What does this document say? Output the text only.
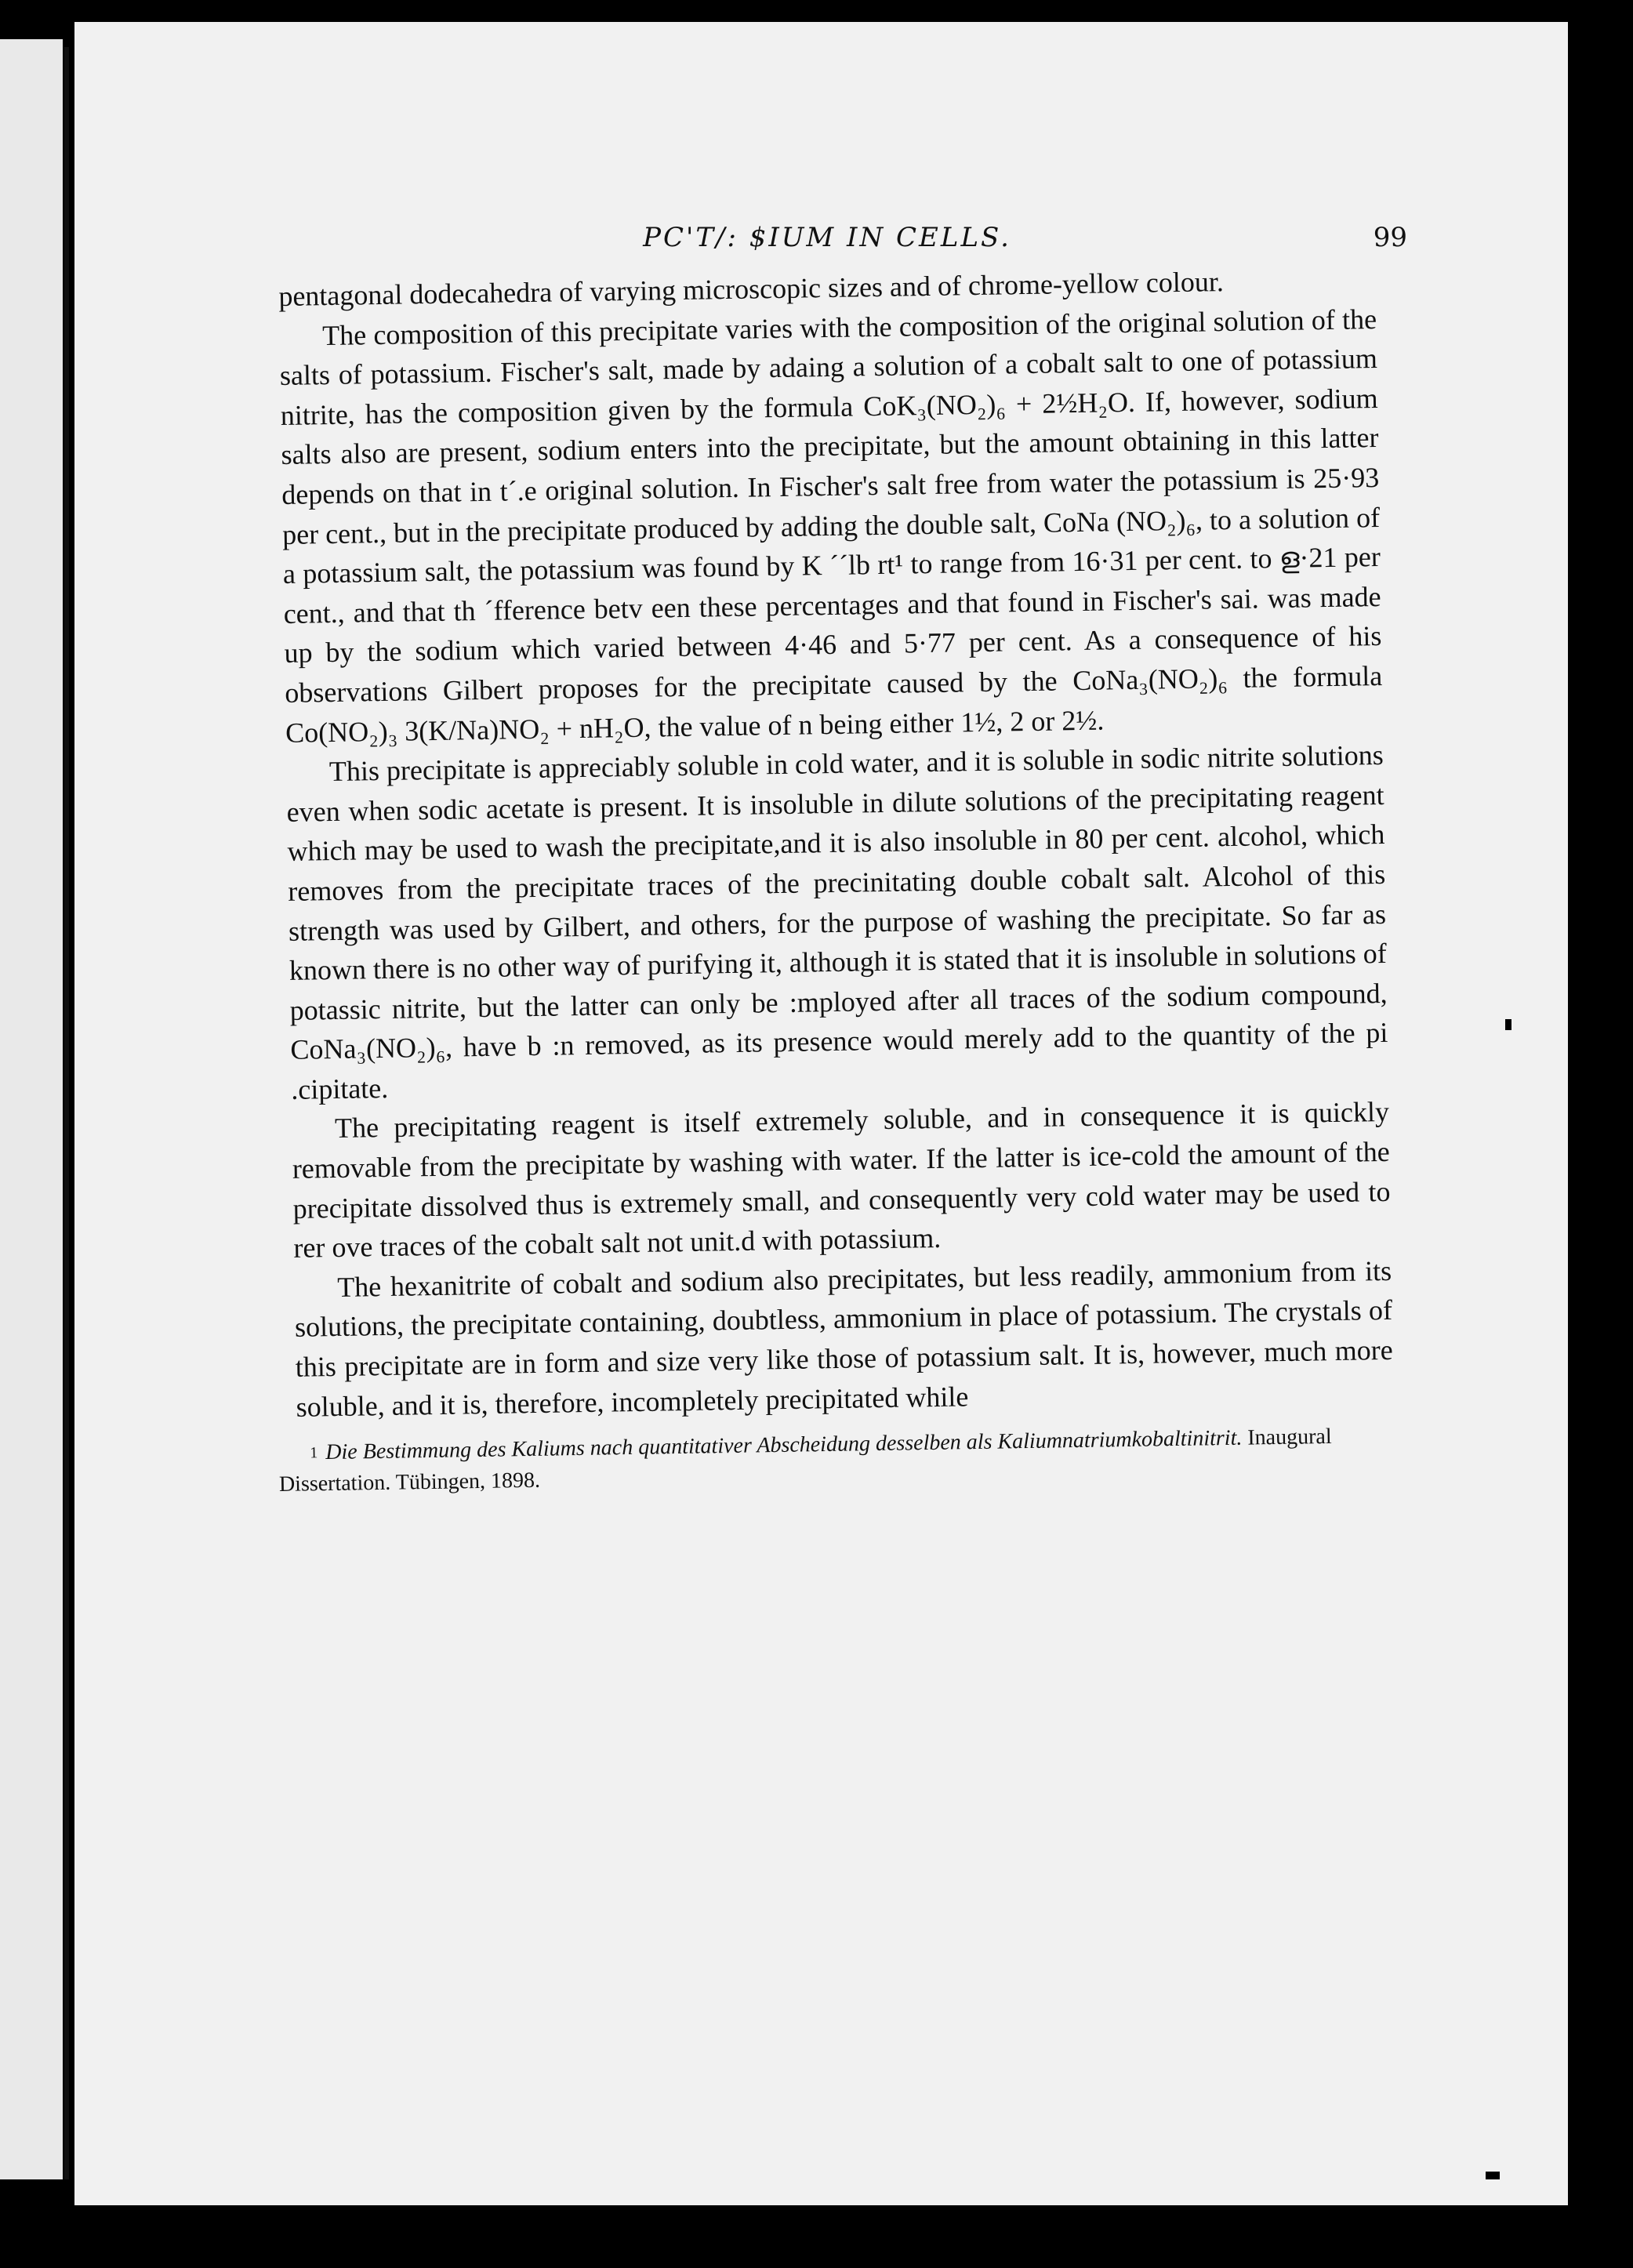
PC'T/: $IUM IN CELLS.	99

pentagonal dodecahedra of varying microscopic sizes and of chrome-yellow colour.

The composition of this precipitate varies with the composition of the original solution of the salts of potassium. Fischer's salt, made by adaing a solution of a cobalt salt to one of potassium nitrite, has the composition given by the formula CoK₃(NO₂)₆ + 2½H₂O. If, however, sodium salts also are present, sodium enters into the precipitate, but the amount obtaining in this latter depends on that in t´.e original solution. In Fischer's salt free from water the potassium is 25·93 per cent., but in the precipitate produced by adding the double salt, CoNa (NO₂)₆, to a solution of a potassium salt, the potassium was found by K ´´lb rt¹ to range from 16·31 per cent. to ള·21 per cent., and that th ´fference betv een these percentages and that found in Fischer's sai. was made up by the sodium which varied between 4·46 and 5·77 per cent. As a consequence of his observations Gilbert proposes for the precipitate caused by the CoNa₃(NO₂)₆ the formula Co(NO₂)₃ 3(K/Na)NO₂ + nH₂O, the value of n being either 1½, 2 or 2½.

This precipitate is appreciably soluble in cold water, and it is soluble in sodic nitrite solutions even when sodic acetate is present. It is insoluble in dilute solutions of the precipitating reagent which may be used to wash the precipitate,and it is also insoluble in 80 per cent. alcohol, which removes from the precipitate traces of the precinitating double cobalt salt. Alcohol of this strength was used by Gilbert, and others, for the purpose of washing the precipitate. So far as known there is no other way of purifying it, although it is stated that it is insoluble in solutions of potassic nitrite, but the latter can only be :mployed after all traces of the sodium compound, CoNa₃(NO₂)₆, have b :n removed, as its presence would merely add to the quantity of the pi .cipitate.

The precipitating reagent is itself extremely soluble, and in consequence it is quickly removable from the precipitate by washing with water. If the latter is ice-cold the amount of the precipitate dissolved thus is extremely small, and consequently very cold water may be used to rer ove traces of the cobalt salt not unit.d with potassium.

The hexanitrite of cobalt and sodium also precipitates, but less readily, ammonium from its solutions, the precipitate containing, doubtless, ammonium in place of potassium. The crystals of this precipitate are in form and size very like those of potassium salt. It is, however, much more soluble, and it is, therefore, incompletely precipitated while

$^1$ Die Bestimmung des Kaliums nach quantitativer Abscheidung desselben als Kaliumnatriumkobaltinitrit. Inaugural Dissertation. Tübingen, 1898.
